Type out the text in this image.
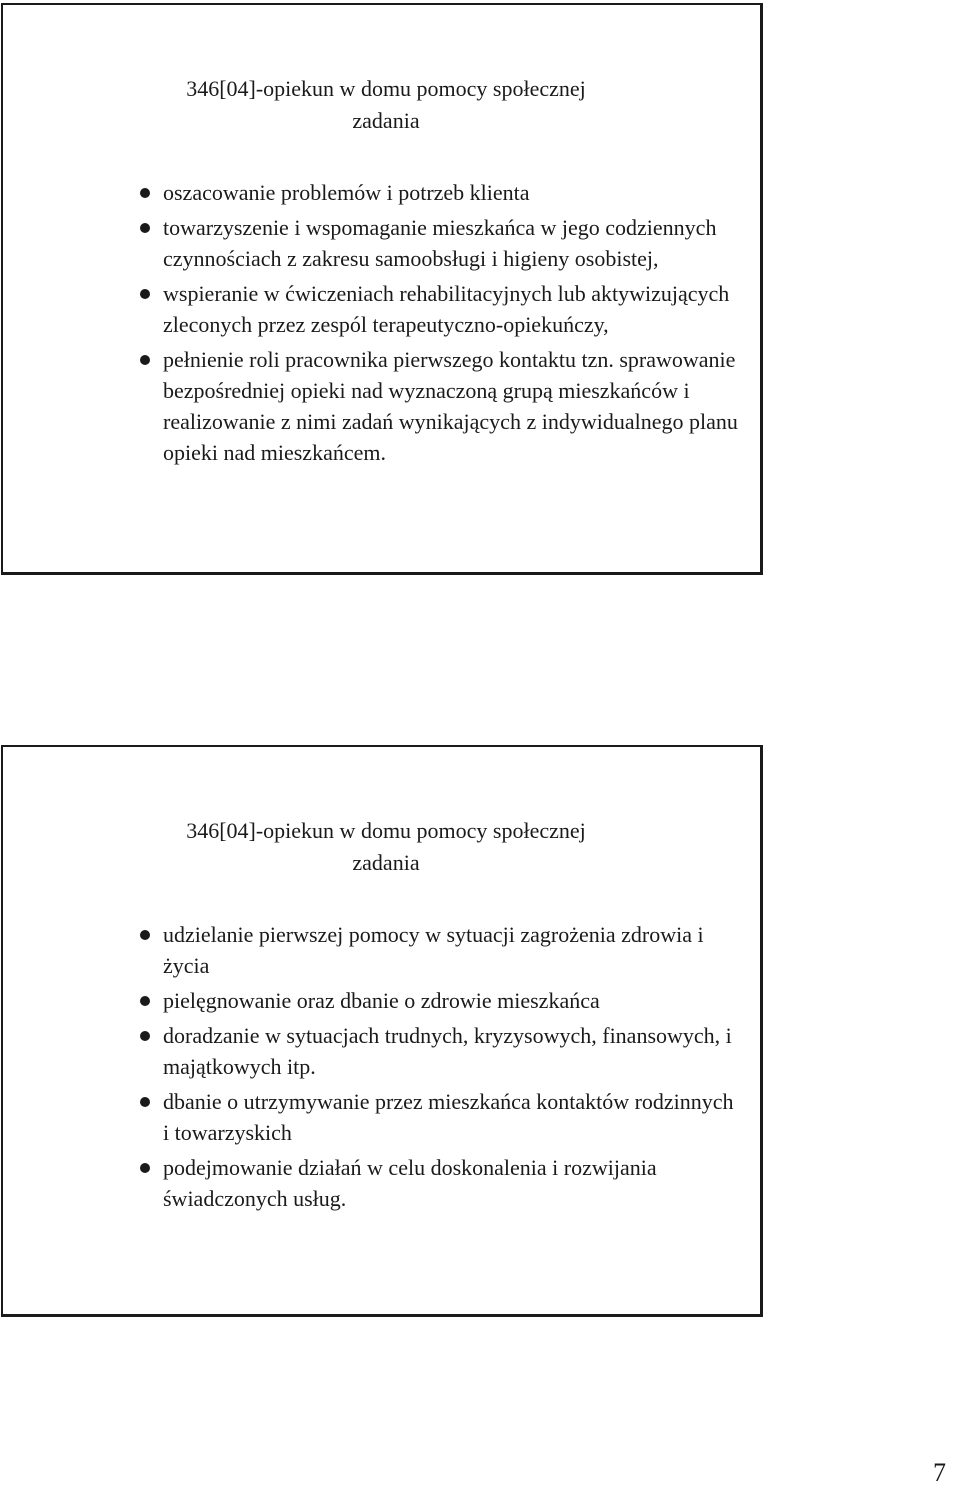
346[04]-opiekun w domu pomocy społecznej
zadania
oszacowanie problemów i potrzeb klienta
towarzyszenie i wspomaganie mieszkańca w jego codziennych czynnościach z zakresu samoobsługi i higieny osobistej,
wspieranie w ćwiczeniach rehabilitacyjnych lub aktywizujących zleconych przez zespól terapeutyczno-opiekuńczy,
pełnienie roli pracownika pierwszego kontaktu tzn. sprawowanie bezpośredniej opieki nad wyznaczoną grupą mieszkańców i realizowanie z nimi zadań wynikających z indywidualnego planu opieki nad mieszkańcem.
346[04]-opiekun w domu pomocy społecznej
zadania
udzielanie pierwszej pomocy w sytuacji zagrożenia zdrowia i życia
pielęgnowanie oraz dbanie o zdrowie mieszkańca
doradzanie w sytuacjach trudnych, kryzysowych, finansowych, i majątkowych itp.
dbanie o utrzymywanie przez mieszkańca kontaktów rodzinnych i towarzyskich
podejmowanie działań w celu doskonalenia i rozwijania świadczonych usług.
7
